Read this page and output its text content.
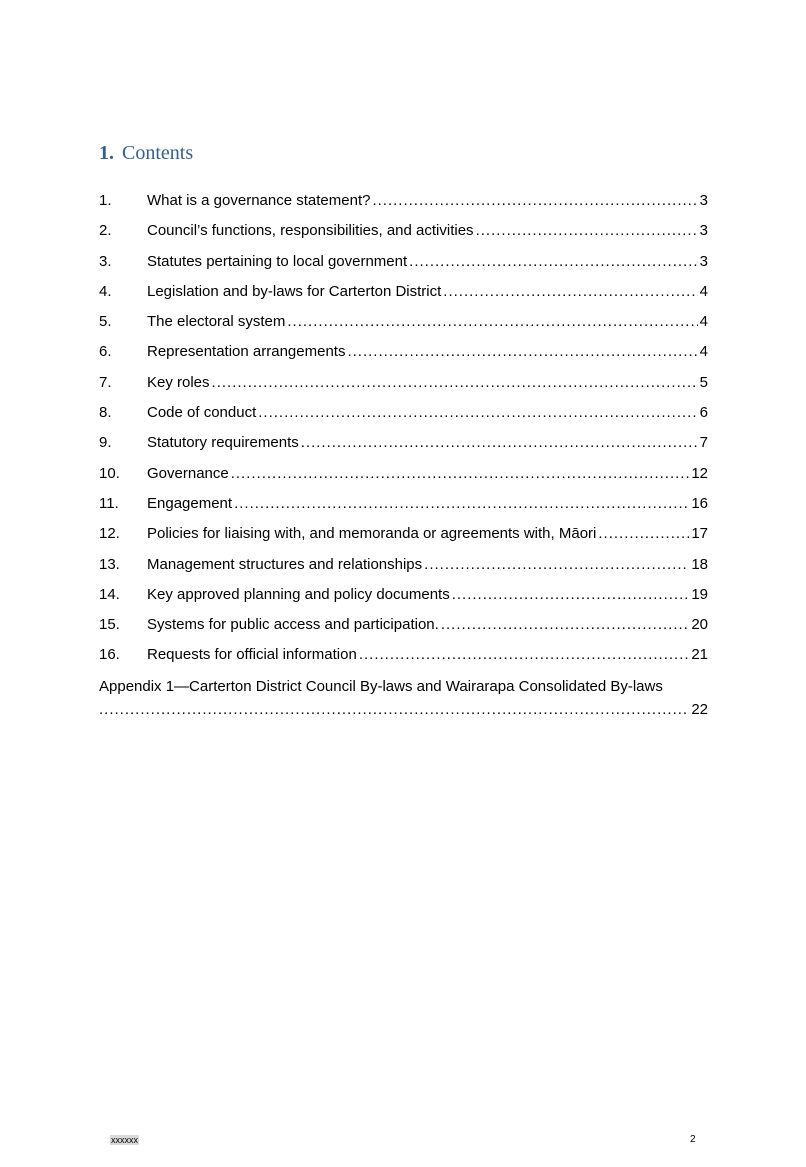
1. Contents
1.	What is a governance statement? .....	3
2.	Council’s functions, responsibilities, and activities .....	3
3.	Statutes pertaining to local government .....	3
4.	Legislation and by-laws for Carterton District .....	4
5.	The electoral system .....	4
6.	Representation arrangements .....	4
7.	Key roles .....	5
8.	Code of conduct .....	6
9.	Statutory requirements .....	7
10.	Governance .....	12
11.	Engagement .....	16
12.	Policies for liaising with, and memoranda or agreements with, Māori .....	17
13.	Management structures and relationships .....	18
14.	Key approved planning and policy documents .....	19
15.	Systems for public access and participation. .....	20
16.	Requests for official information .....	21
Appendix 1—Carterton District Council By-laws and Wairarapa Consolidated By-laws
.....
22
xxxxxx	2
